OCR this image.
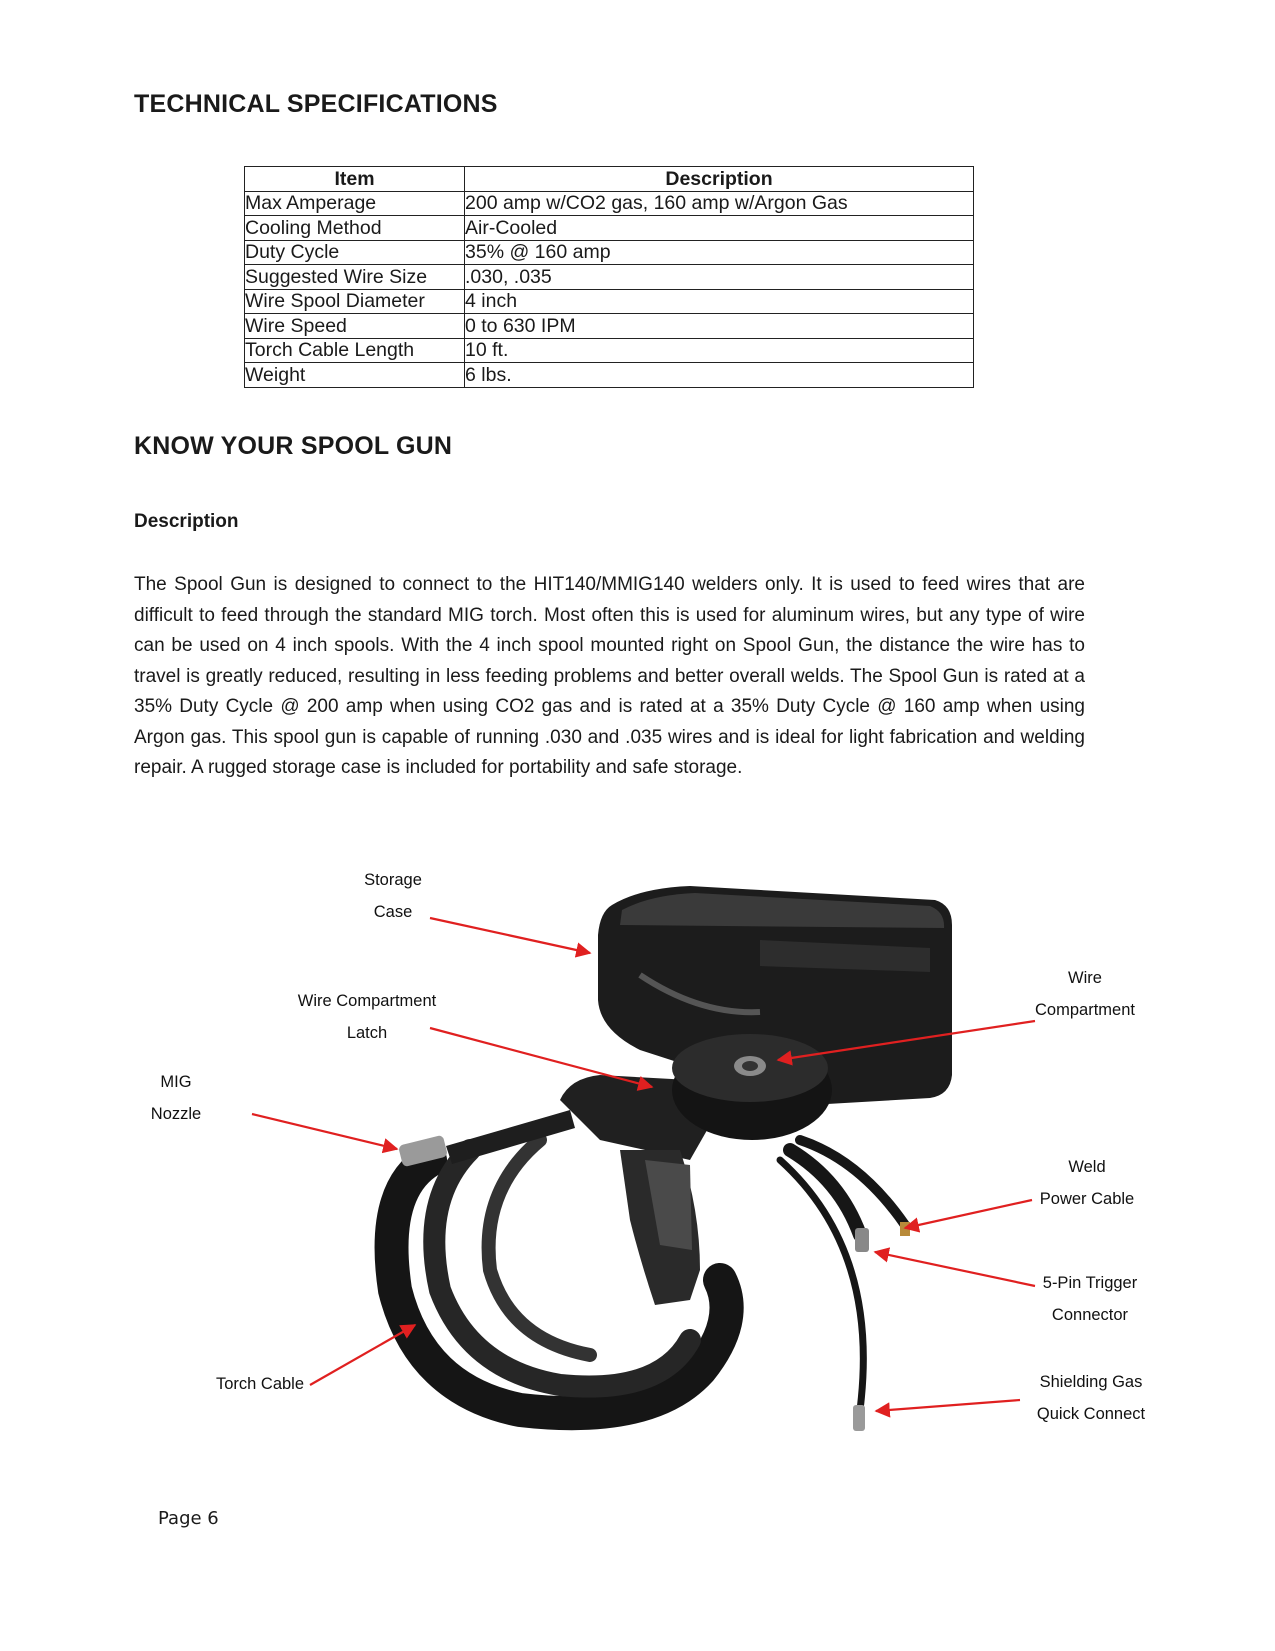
TECHNICAL SPECIFICATIONS
Item	Description
Max Amperage	200 amp w/CO2 gas, 160 amp w/Argon Gas
Cooling Method	Air-Cooled
Duty Cycle	35% @ 160 amp
Suggested Wire Size	.030, .035
Wire Spool Diameter	4 inch
Wire Speed	0 to 630 IPM
Torch Cable Length	10 ft.
Weight	6 lbs.
KNOW YOUR SPOOL GUN
Description
The Spool Gun is designed to connect to the HIT140/MMIG140 welders only. It is used to feed wires that are difficult to feed through the standard MIG torch. Most often this is used for aluminum wires, but any type of wire can be used on 4 inch spools. With the 4 inch spool mounted right on Spool Gun, the distance the wire has to travel is greatly reduced, resulting in less feeding problems and better overall welds. The Spool Gun is rated at a 35% Duty Cycle @ 200 amp when using CO2 gas and is rated at a 35% Duty Cycle @ 160 amp when using Argon gas. This spool gun is capable of running .030 and .035 wires and is ideal for light fabrication and welding repair. A rugged storage case is included for portability and safe storage.
Storage
Case
Wire Compartment
Latch
MIG
Nozzle
Torch Cable
Wire
Compartment
Weld
Power Cable
5-Pin Trigger
Connector
Shielding Gas
Quick Connect
Page 6
